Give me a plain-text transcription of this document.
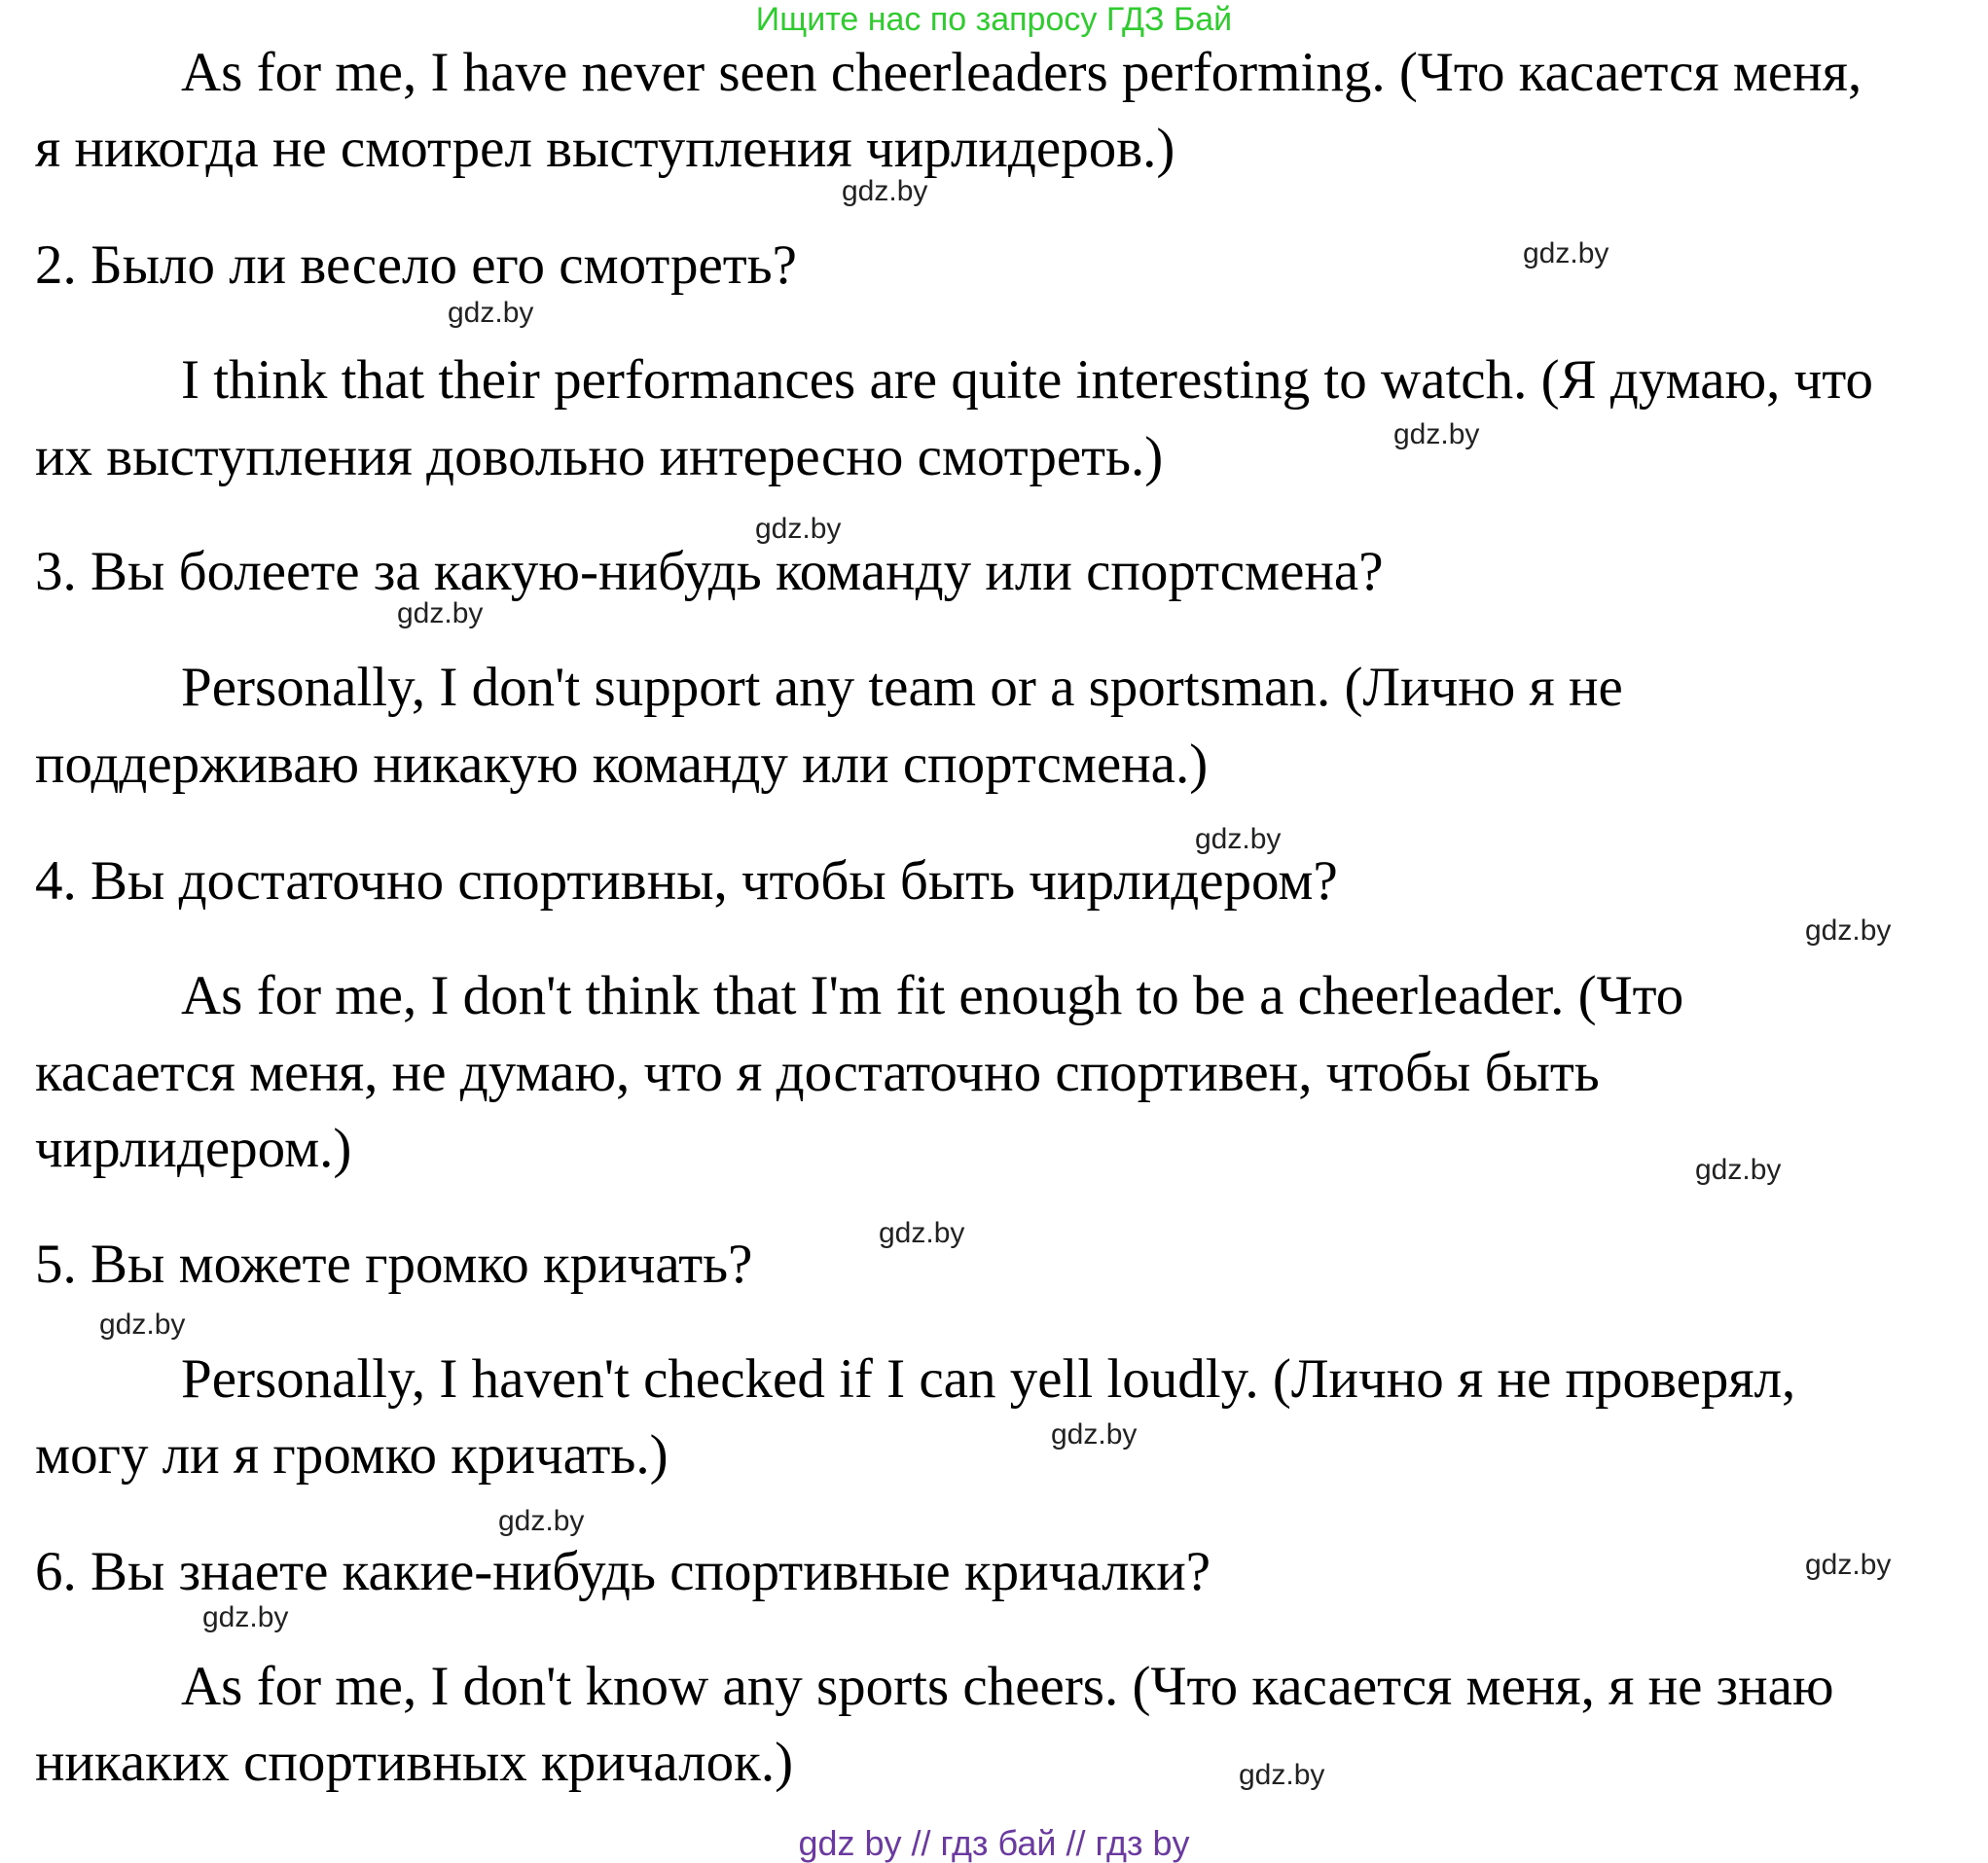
Ищите нас по запросу ГДЗ Бай
As for me, I have never seen cheerleaders performing. (Что касается меня,
я никогда не смотрел выступления чирлидеров.)
2. Было ли весело его смотреть?
I think that their performances are quite interesting to watch. (Я думаю, что
их выступления довольно интересно смотреть.)
3. Вы болеете за какую-нибудь команду или спортсмена?
Personally, I don't support any team or a sportsman. (Лично я не
поддерживаю никакую команду или спортсмена.)
4. Вы достаточно спортивны, чтобы быть чирлидером?
As for me, I don't think that I'm fit enough to be a cheerleader. (Что
касается меня, не думаю, что я достаточно спортивен, чтобы быть
чирлидером.)
5. Вы можете громко кричать?
Personally, I haven't checked if I can yell loudly. (Лично я не проверял,
могу ли я громко кричать.)
6. Вы знаете какие-нибудь спортивные кричалки?
As for me, I don't know any sports cheers. (Что касается меня, я не знаю
никаких спортивных кричалок.)
gdz.by
gdz.by
gdz.by
gdz.by
gdz.by
gdz.by
gdz.by
gdz.by
gdz.by
gdz.by
gdz.by
gdz.by
gdz.by
gdz.by
gdz.by
gdz.by
gdz by // гдз бай // гдз by
